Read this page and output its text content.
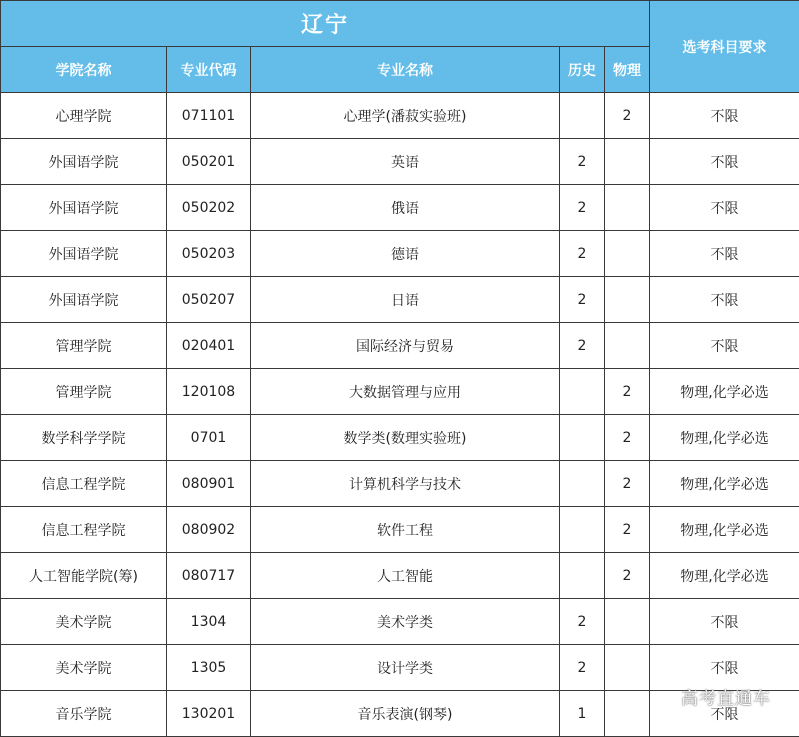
辽宁					选考科目要求
学院名称	专业代码	专业名称	历史	物理	
心理学院	071101	心理学(潘菽实验班)		2	不限
外国语学院	050201	英语	2		不限
外国语学院	050202	俄语	2		不限
外国语学院	050203	德语	2		不限
外国语学院	050207	日语	2		不限
管理学院	020401	国际经济与贸易	2		不限
管理学院	120108	大数据管理与应用		2	物理,化学必选
数学科学学院	0701	数学类(数理实验班)		2	物理,化学必选
信息工程学院	080901	计算机科学与技术		2	物理,化学必选
信息工程学院	080902	软件工程		2	物理,化学必选
人工智能学院(筹)	080717	人工智能		2	物理,化学必选
美术学院	1304	美术学类	2		不限
美术学院	1305	设计学类	2		不限
音乐学院	130201	音乐表演(钢琴)	1		不限
高考直通车
